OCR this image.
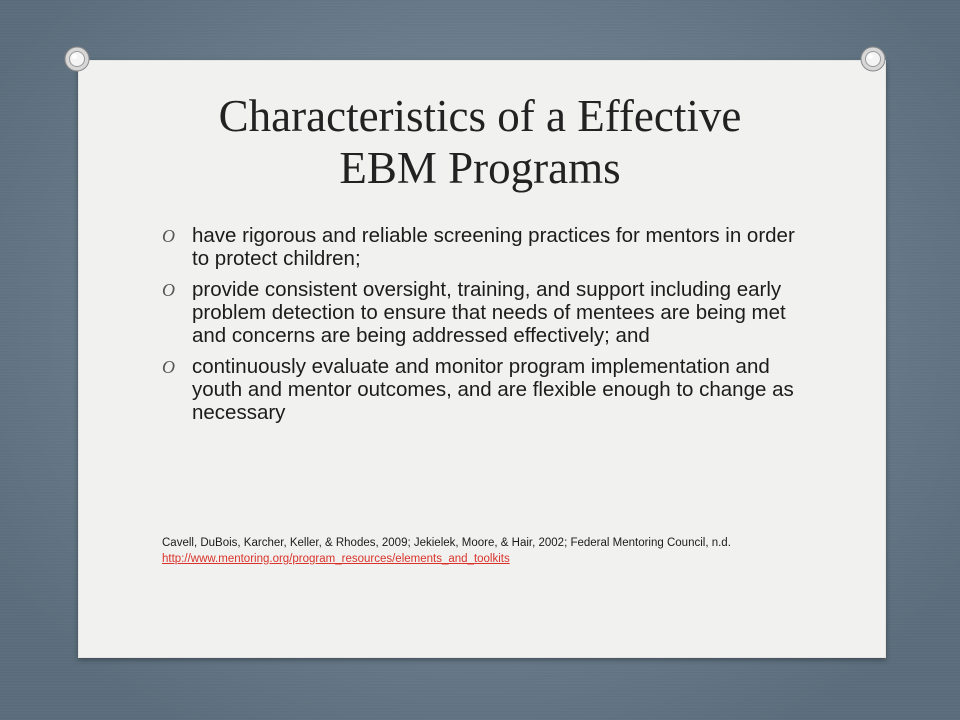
Characteristics of a Effective
EBM Programs
O have rigorous and reliable screening practices for mentors in order to protect children;
O provide consistent oversight, training, and support including early problem detection to ensure that needs of mentees are being met and concerns are being addressed effectively; and
O continuously evaluate and monitor program implementation and youth and mentor outcomes, and are flexible enough to change as necessary
Cavell, DuBois, Karcher, Keller, & Rhodes, 2009; Jekielek, Moore, & Hair, 2002; Federal Mentoring Council, n.d.
http://www.mentoring.org/program_resources/elements_and_toolkits
